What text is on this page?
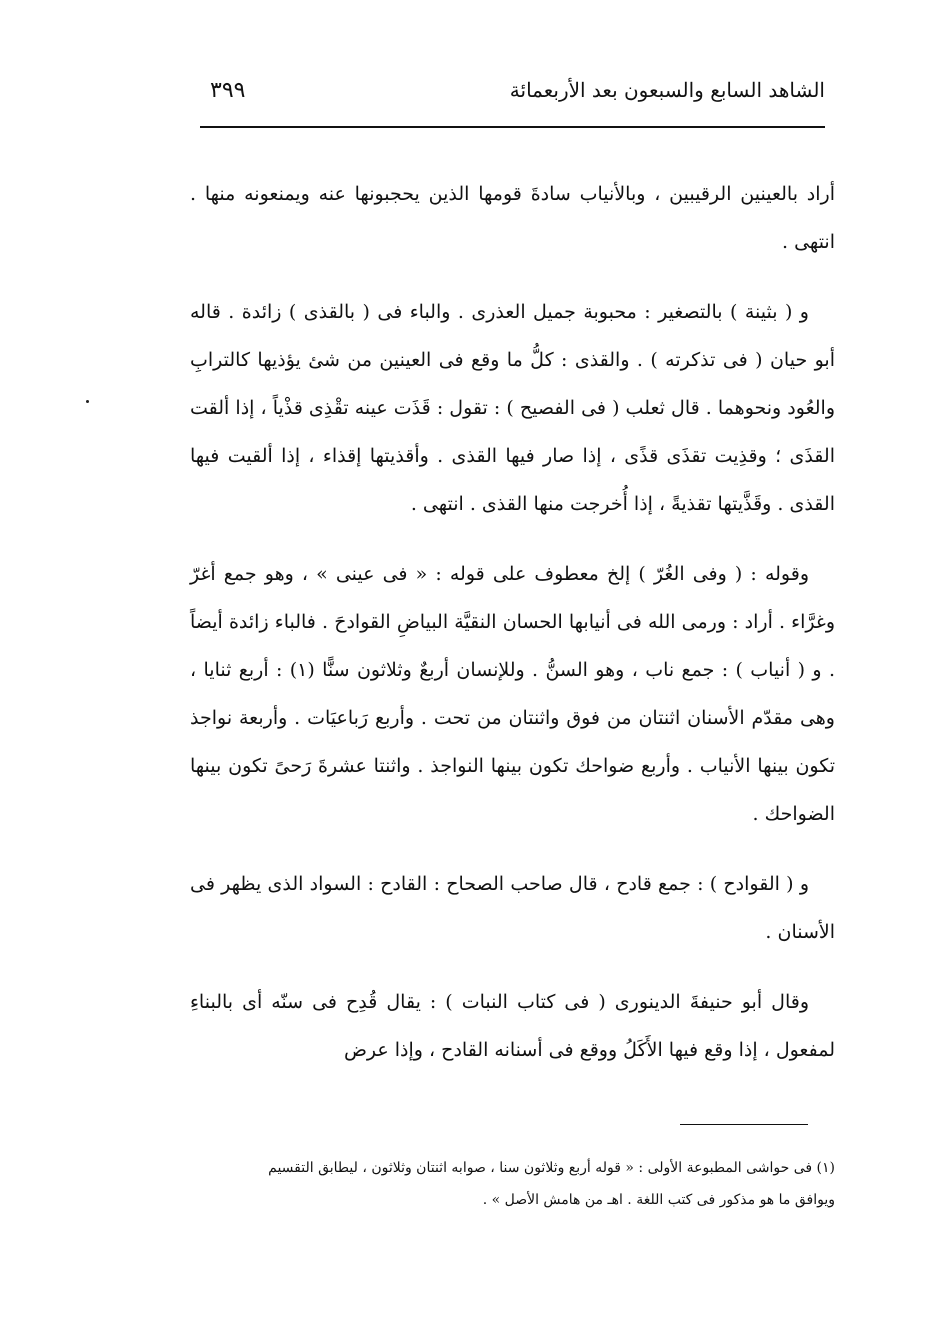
الشاهد السابع والسبعون بعد الأربعمائة
٣٩٩

أراد بالعينين الرقيبين ، وبالأنياب سادةَ قومها الذين يحجبونها عنه ويمنعونه منها . انتهى .

و ( بثينة ) بالتصغير : محبوبة جميل العذرى . والباء فى ( بالقذى ) زائدة . قاله أبو حيان ( فى تذكرته ) . والقذى : كلُّ ما وقع فى العينين من شئ يؤذيها كالترابِ والعُود ونحوهما . قال ثعلب ( فى الفصيح ) : تقول : قَذَت عينه تقْذِى قذْياً ، إذا ألقت القذَى ؛ وقذِيت تقذَى قذًى ، إذا صار فيها القذى . وأقذيتها إقذاء ، إذا ألقيت فيها القذى . وقَذَّيتها تقذيةً ، إذا أُخرجت منها القذى . انتهى .

وقوله : ( وفى الغُرّ ) إلخ معطوف على قوله : « فى عينى » ، وهو جمع أغرّ وغرَّاء . أراد : ورمى الله فى أنيابها الحسان النقيَّة البياضِ القوادحَ . فالباء زائدة أيضاً . و ( أنياب ) : جمع ناب ، وهو السنُّ . وللإنسان أربعٌ وثلاثون سنًّا (١) : أربع ثنايا ، وهى مقدّم الأسنان اثنتان من فوق واثنتان من تحت . وأربع رَباعيَات . وأربعة نواجذ تكون بينها الأنياب . وأربع ضواحك تكون بينها النواجذ . واثنتا عشرةَ رَحىً تكون بينها الضواحك .

و ( القوادح ) : جمع قادح ، قال صاحب الصحاح : القادح : السواد الذى يظهر فى الأسنان .

وقال أبو حنيفةَ الدينورى ( فى كتاب النبات ) : يقال قُدِح فى سنّه أى بالبناءِ لمفعول ، إذا وقع فيها الأَكَلُ ووقع فى أسنانه القادح ، وإذا عرض

(١) فى حواشى المطبوعة الأولى : « قوله أربع وثلاثون سنا ، صوابه اثنتان وثلاثون ، ليطابق التقسيم

ويوافق ما هو مذكور فى كتب اللغة . اهـ من هامش الأصل » .
